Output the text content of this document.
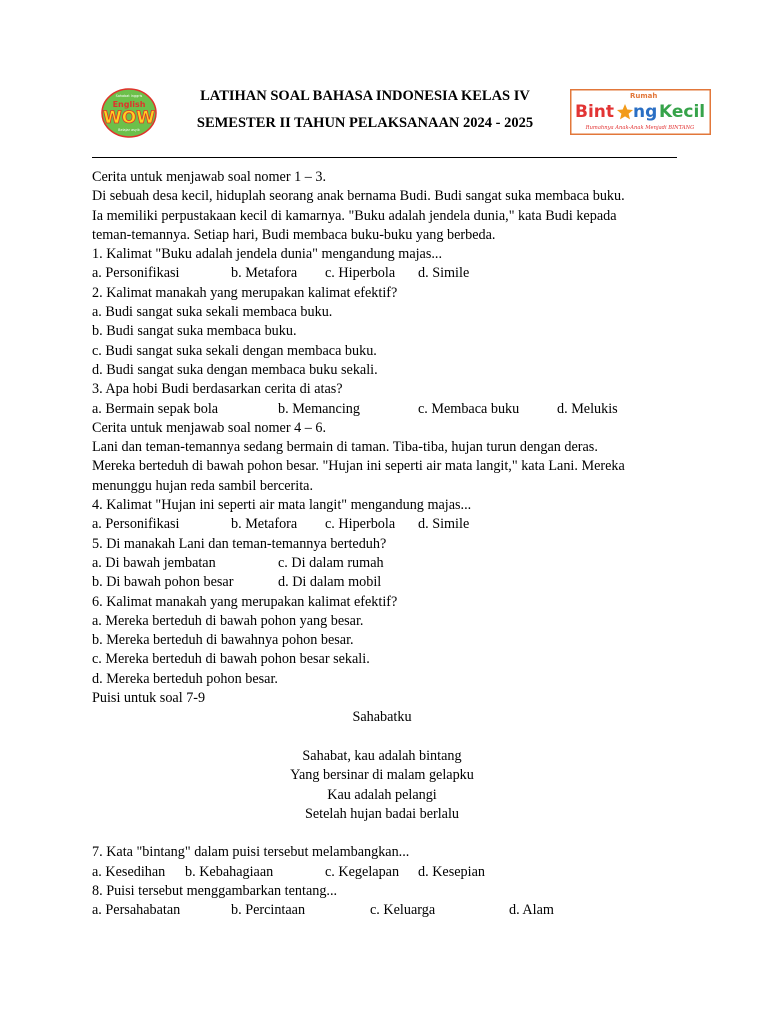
Sahabat Inggris
English
WOW
Belajar asyik
LATIHAN SOAL BAHASA INDONESIA KELAS IV
SEMESTER II TAHUN PELAKSANAAN 2024 - 2025
Rumah
Bint ng Kecil
Rumahnya Anak-Anak Menjadi BINTANG
Cerita untuk menjawab soal nomer 1 – 3.
Di sebuah desa kecil, hiduplah seorang anak bernama Budi. Budi sangat suka membaca buku.
Ia memiliki perpustakaan kecil di kamarnya. "Buku adalah jendela dunia," kata Budi kepada
teman-temannya. Setiap hari, Budi membaca buku-buku yang berbeda.
1. Kalimat "Buku adalah jendela dunia" mengandung majas...
a. Personifikasi	b. Metafora	c. Hiperbola	d. Simile
2. Kalimat manakah yang merupakan kalimat efektif?
a. Budi sangat suka sekali membaca buku.
b. Budi sangat suka membaca buku.
c. Budi sangat suka sekali dengan membaca buku.
d. Budi sangat suka dengan membaca buku sekali.
3. Apa hobi Budi berdasarkan cerita di atas?
a. Bermain sepak bola	b. Memancing	c. Membaca buku	d. Melukis
Cerita untuk menjawab soal nomer 4 – 6.
Lani dan teman-temannya sedang bermain di taman. Tiba-tiba, hujan turun dengan deras.
Mereka berteduh di bawah pohon besar. "Hujan ini seperti air mata langit," kata Lani. Mereka
menunggu hujan reda sambil bercerita.
4. Kalimat "Hujan ini seperti air mata langit" mengandung majas...
a. Personifikasi	b. Metafora	c. Hiperbola	d. Simile
5. Di manakah Lani dan teman-temannya berteduh?
a. Di bawah jembatan	c. Di dalam rumah
b. Di bawah pohon besar	d. Di dalam mobil
6. Kalimat manakah yang merupakan kalimat efektif?
a. Mereka berteduh di bawah pohon yang besar.
b. Mereka berteduh di bawahnya pohon besar.
c. Mereka berteduh di bawah pohon besar sekali.
d. Mereka berteduh pohon besar.
Puisi untuk soal 7-9
Sahabatku
Sahabat, kau adalah bintang
Yang bersinar di malam gelapku
Kau adalah pelangi
Setelah hujan badai berlalu
7. Kata "bintang" dalam puisi tersebut melambangkan...
a. Kesedihan	b. Kebahagiaan	c. Kegelapan	d. Kesepian
8. Puisi tersebut menggambarkan tentang...
a. Persahabatan	b. Percintaan	c. Keluarga	d. Alam
